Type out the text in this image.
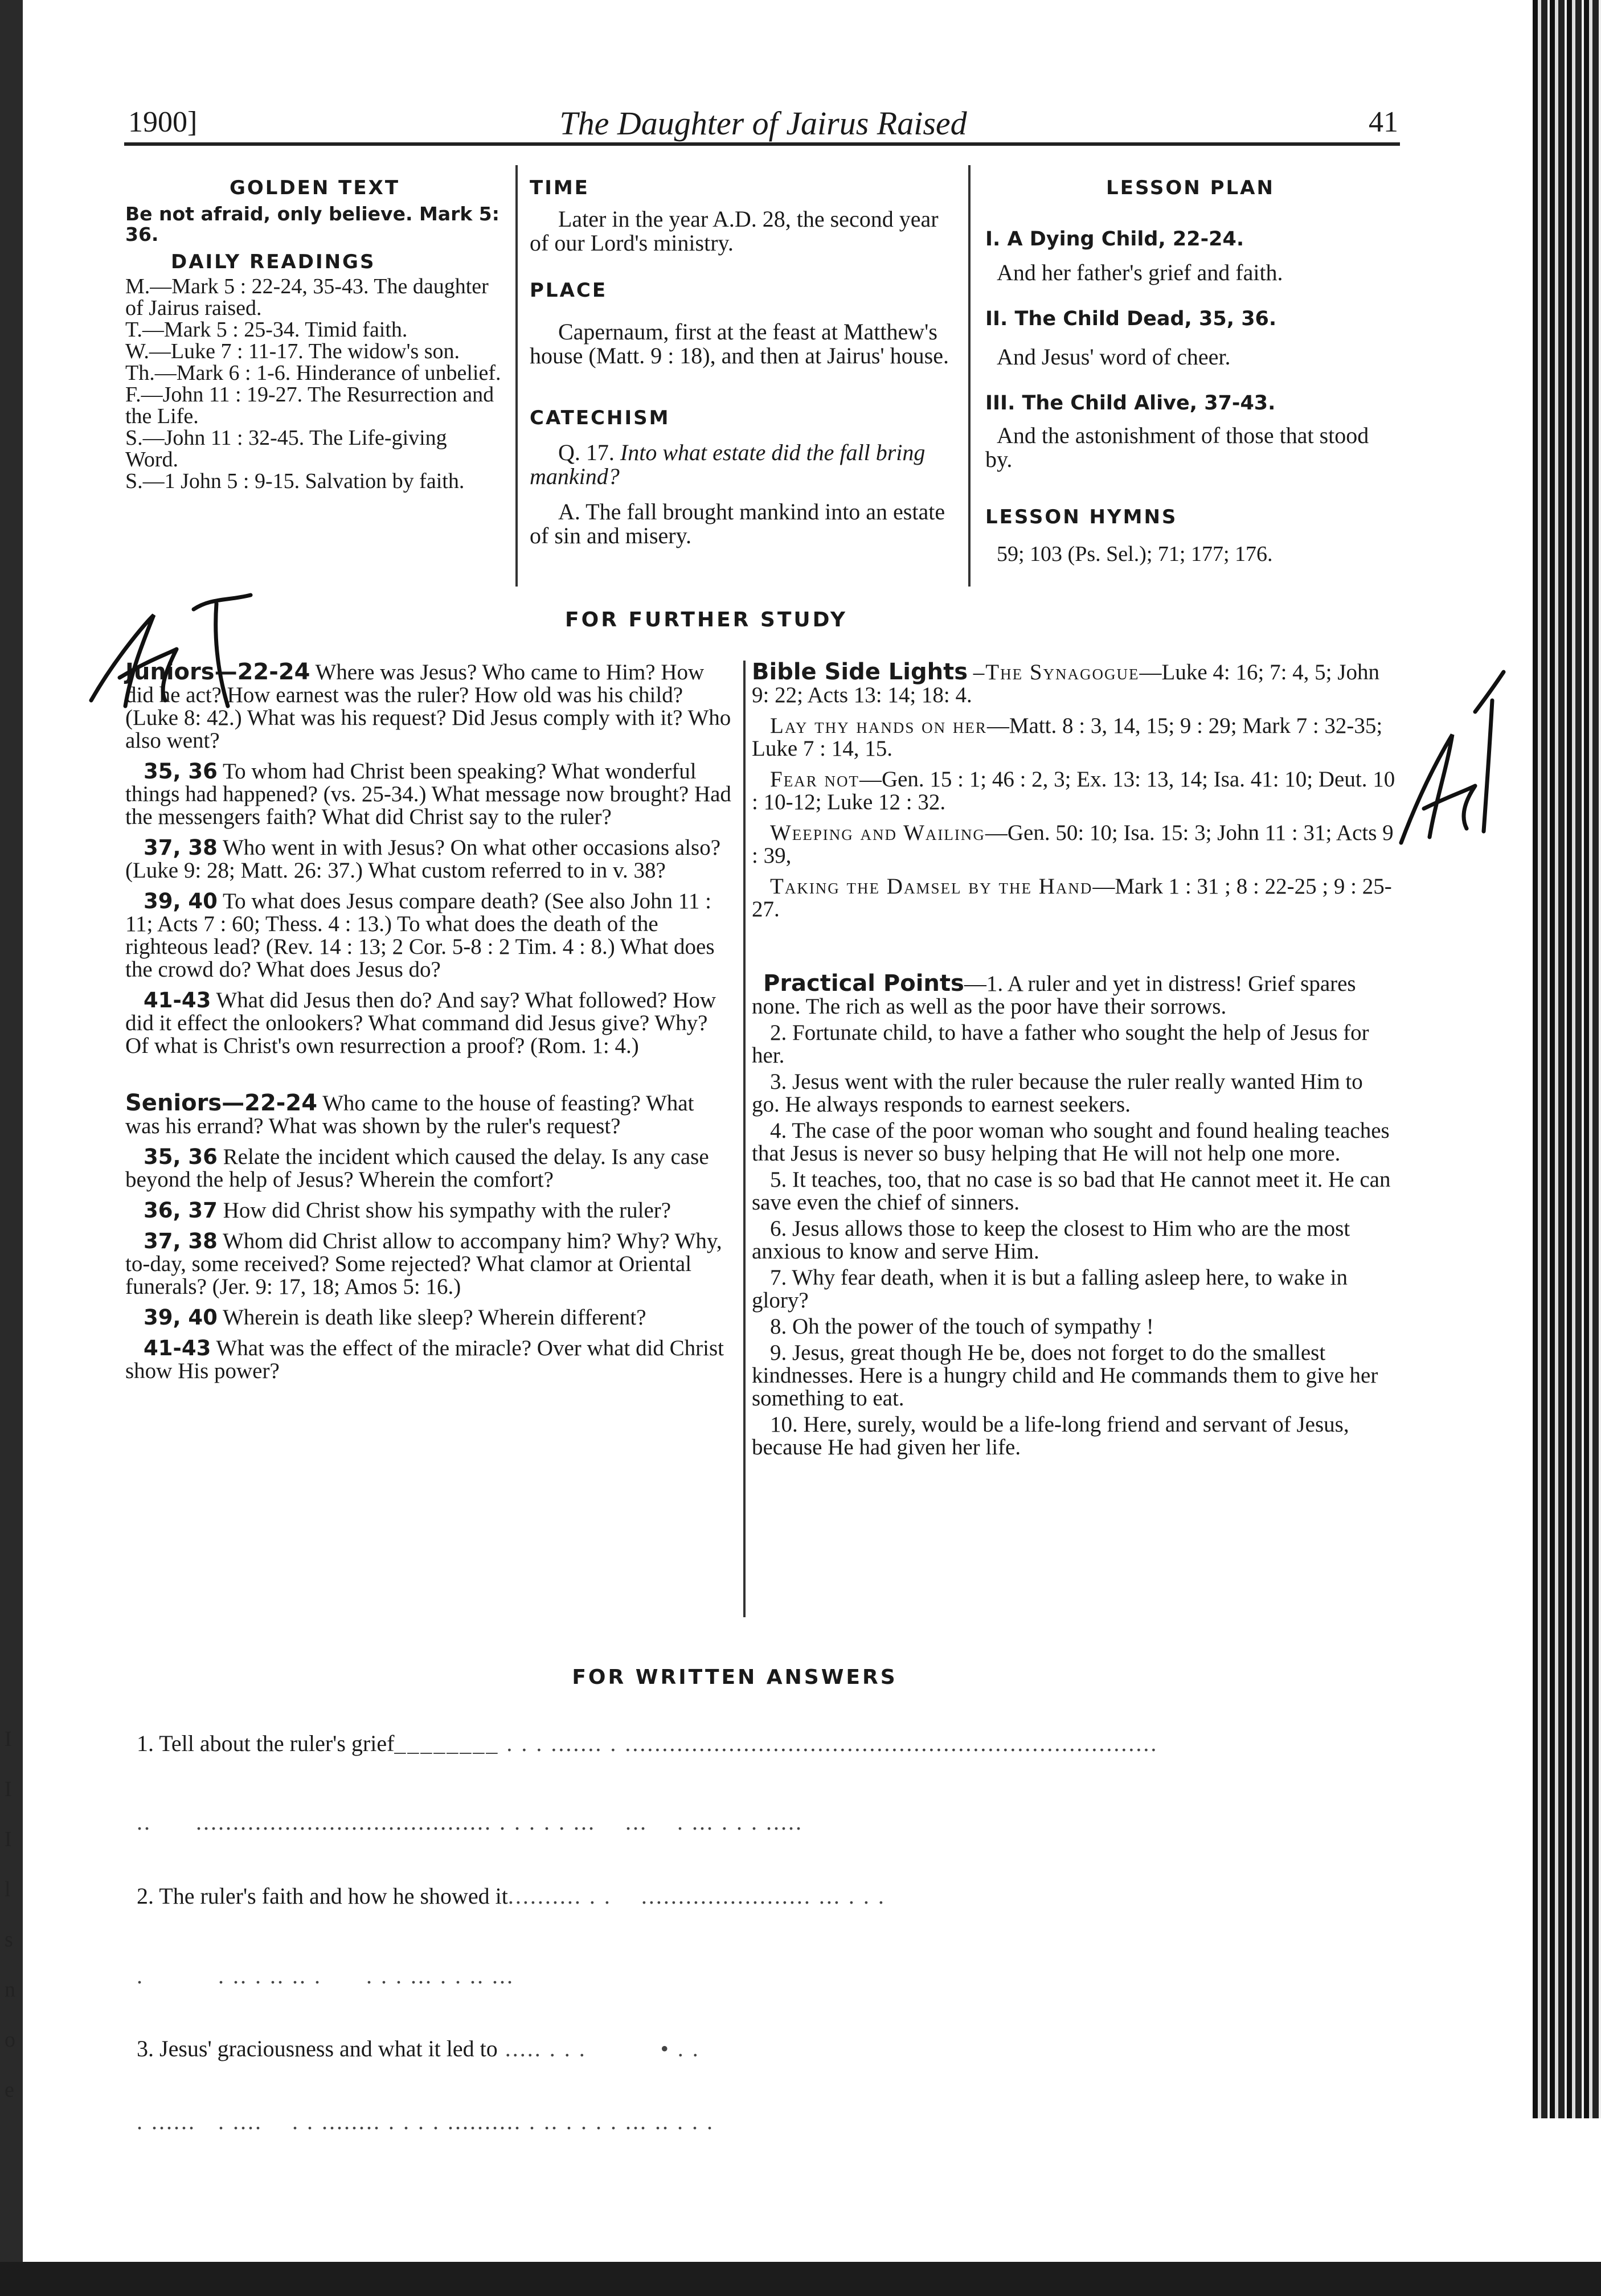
I
I
I
l
s
n
o
e
1900]	The Daughter of Jairus Raised	41
GOLDEN TEXT
Be not afraid, only believe. Mark 5: 36.
DAILY READINGS
M.—Mark 5 : 22-24, 35-43. The daughter of Jairus raised.
T.—Mark 5 : 25-34. Timid faith.
W.—Luke 7 : 11-17. The widow's son.
Th.—Mark 6 : 1-6. Hinderance of unbelief.
F.—John 11 : 19-27. The Resurrection and the Life.
S.—John 11 : 32-45. The Life-giving Word.
S.—1 John 5 : 9-15. Salvation by faith.
TIME
Later in the year A.D. 28, the second year of our Lord's ministry.
PLACE
Capernaum, first at the feast at Matthew's house (Matt. 9 : 18), and then at Jairus' house.
CATECHISM
Q. 17. Into what estate did the fall bring mankind?
A. The fall brought mankind into an estate of sin and misery.
LESSON PLAN
I. A Dying Child, 22-24.
And her father's grief and faith.
II. The Child Dead, 35, 36.
And Jesus' word of cheer.
III. The Child Alive, 37-43.
And the astonishment of those that stood by.
LESSON HYMNS
59; 103 (Ps. Sel.); 71; 177; 176.
FOR FURTHER STUDY

Juniors—22-24 Where was Jesus? Who came to Him? How did he act? How earnest was the ruler? How old was his child? (Luke 8: 42.) What was his request? Did Jesus comply with it? Who also went?

35, 36 To whom had Christ been speaking? What wonderful things had happened? (vs. 25-34.) What message now brought? Had the messengers faith? What did Christ say to the ruler?

37, 38 Who went in with Jesus? On what other occasions also? (Luke 9: 28; Matt. 26: 37.) What custom referred to in v. 38?

39, 40 To what does Jesus compare death? (See also John 11 : 11; Acts 7 : 60; Thess. 4 : 13.) To what does the death of the righteous lead? (Rev. 14 : 13; 2 Cor. 5-8 : 2 Tim. 4 : 8.) What does the crowd do? What does Jesus do?

41-43 What did Jesus then do? And say? What followed? How did it effect the onlookers? What command did Jesus give? Why? Of what is Christ's own resurrection a proof? (Rom. 1: 4.)

Seniors—22-24 Who came to the house of feasting? What was his errand? What was shown by the ruler's request?

35, 36 Relate the incident which caused the delay. Is any case beyond the help of Jesus? Wherein the comfort?

36, 37 How did Christ show his sympathy with the ruler?

37, 38 Whom did Christ allow to accompany him? Why? Why, to-day, some received? Some rejected? What clamor at Oriental funerals? (Jer. 9: 17, 18; Amos 5: 16.)

39, 40 Wherein is death like sleep? Wherein different?

41-43 What was the effect of the miracle? Over what did Christ show His power?

Bible Side Lights –The Synagogue—Luke 4: 16; 7: 4, 5; John 9: 22; Acts 13: 14; 18: 4.

Lay thy hands on her—Matt. 8 : 3, 14, 15; 9 : 29; Mark 7 : 32-35; Luke 7 : 14, 15.

Fear not—Gen. 15 : 1; 46 : 2, 3; Ex. 13: 13, 14; Isa. 41: 10; Deut. 10 : 10-12; Luke 12 : 32.

Weeping and Wailing—Gen. 50: 10; Isa. 15: 3; John 11 : 31; Acts 9 : 39,

Taking the Damsel by the Hand—Mark 1 : 31 ; 8 : 22-25 ; 9 : 25-27.

Practical Points—1. A ruler and yet in distress! Grief spares none. The rich as well as the poor have their sorrows.

2. Fortunate child, to have a father who sought the help of Jesus for her.

3. Jesus went with the ruler because the ruler really wanted Him to go. He always responds to earnest seekers.

4. The case of the poor woman who sought and found healing teaches that Jesus is never so busy helping that He will not help one more.

5. It teaches, too, that no case is so bad that He cannot meet it. He can save even the chief of sinners.

6. Jesus allows those to keep the closest to Him who are the most anxious to know and serve Him.

7. Why fear death, when it is but a falling asleep here, to wake in glory?

8. Oh the power of the touch of sympathy !

9. Jesus, great though He be, does not forget to do the smallest kindnesses. Here is a hungry child and He commands them to give her something to eat.

10. Here, surely, would be a life-long friend and servant of Jesus, because He had given her life.

FOR WRITTEN ANSWERS
1. Tell about the ruler's grief________ . . . ....... . ........................................................................
..      ........................................ . . . . . ...    ...    . ... . . . .....
2. The ruler's faith and how he showed it.......... . .    ....................... ... . . .
.          . .. . .. .. .      . . . ... . . .. ...
3. Jesus' graciousness and what it led to ..... . . .          • . .
. ......   . ....    . . ........ . . . . .......... . .. . . . . ... .. . . .
